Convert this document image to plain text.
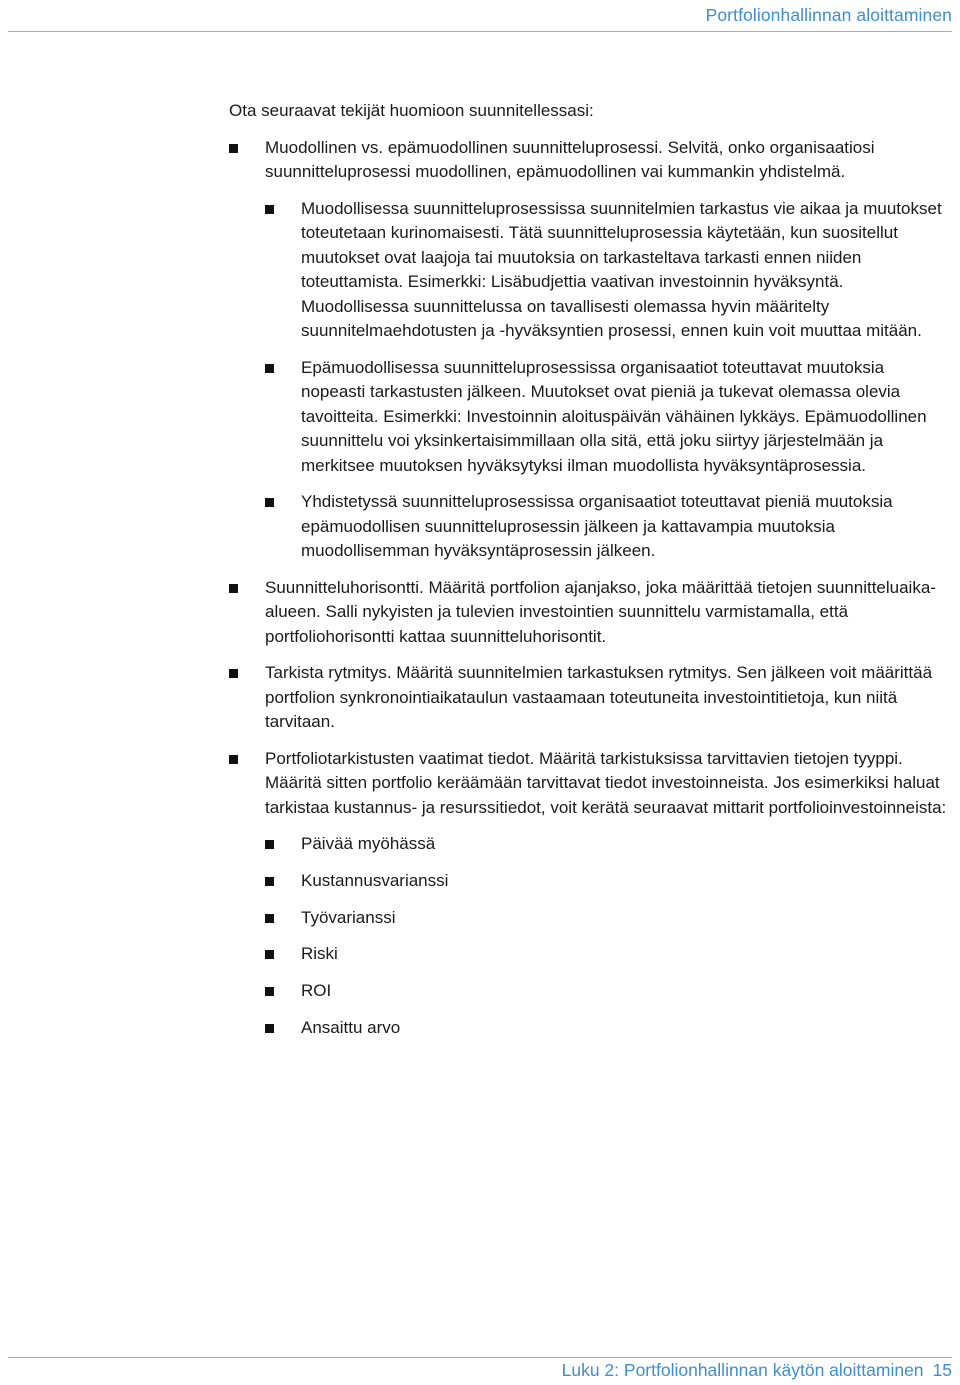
Portfolionhallinnan aloittaminen

Ota seuraavat tekijät huomioon suunnitellessasi:

Muodollinen vs. epämuodollinen suunnitteluprosessi. Selvitä, onko organisaatiosi suunnitteluprosessi muodollinen, epämuodollinen vai kummankin yhdistelmä.
Muodollisessa suunnitteluprosessissa suunnitelmien tarkastus vie aikaa ja muutokset toteutetaan kurinomaisesti. Tätä suunnitteluprosessia käytetään, kun suositellut muutokset ovat laajoja tai muutoksia on tarkasteltava tarkasti ennen niiden toteuttamista. Esimerkki: Lisäbudjettia vaativan investoinnin hyväksyntä. Muodollisessa suunnittelussa on tavallisesti olemassa hyvin määritelty suunnitelmaehdotusten ja -hyväksyntien prosessi, ennen kuin voit muuttaa mitään.
Epämuodollisessa suunnitteluprosessissa organisaatiot toteuttavat muutoksia nopeasti tarkastusten jälkeen. Muutokset ovat pieniä ja tukevat olemassa olevia tavoitteita. Esimerkki: Investoinnin aloituspäivän vähäinen lykkäys. Epämuodollinen suunnittelu voi yksinkertaisimmillaan olla sitä, että joku siirtyy järjestelmään ja merkitsee muutoksen hyväksytyksi ilman muodollista hyväksyntäprosessia.
Yhdistetyssä suunnitteluprosessissa organisaatiot toteuttavat pieniä muutoksia epämuodollisen suunnitteluprosessin jälkeen ja kattavampia muutoksia muodollisemman hyväksyntäprosessin jälkeen.
Suunnitteluhorisontti. Määritä portfolion ajanjakso, joka määrittää tietojen suunnitteluaika-alueen. Salli nykyisten ja tulevien investointien suunnittelu varmistamalla, että portfoliohorisontti kattaa suunnitteluhorisontit.
Tarkista rytmitys. Määritä suunnitelmien tarkastuksen rytmitys. Sen jälkeen voit määrittää portfolion synkronointiaikataulun vastaamaan toteutuneita investointitietoja, kun niitä tarvitaan.
Portfoliotarkistusten vaatimat tiedot. Määritä tarkistuksissa tarvittavien tietojen tyyppi. Määritä sitten portfolio keräämään tarvittavat tiedot investoinneista. Jos esimerkiksi haluat tarkistaa kustannus- ja resurssitiedot, voit kerätä seuraavat mittarit portfolioinvestoinneista:
Päivää myöhässä
Kustannusvarianssi
Työvarianssi
Riski
ROI
Ansaittu arvo
Luku 2: Portfolionhallinnan käytön aloittaminen 15
